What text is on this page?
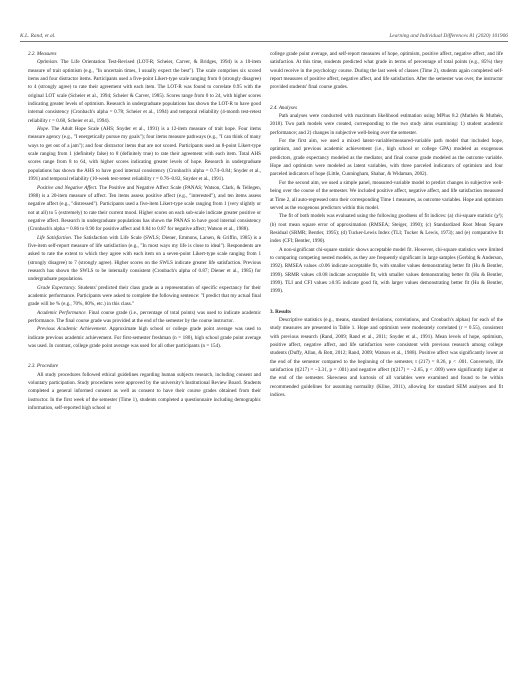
K.L. Rand, et al.	Learning and Individual Differences 81 (2020) 101906

2.2. Measures

Optimism. The Life Orientation Test-Revised (LOT-R; Scheier, Carver, & Bridges, 1994) is a 10-item measure of trait optimism (e.g., "In uncertain times, I usually expect the best"). The scale comprises six scored items and four distractor items. Participants used a five-point Likert-type scale ranging from 0 (strongly disagree) to 4 (strongly agree) to rate their agreement with each item. The LOT-R was found to correlate 0.95 with the original LOT scale (Scheier et al., 1994; Scheier & Carver, 1985). Scores range from 0 to 24, with higher scores indicating greater levels of optimism. Research in undergraduate populations has shown the LOT-R to have good internal consistency (Cronbach's alpha = 0.78; Scheier et al., 1994) and temporal reliability (4-month test-retest reliability r = 0.68, Scheier et al., 1994).

Hope. The Adult Hope Scale (AHS; Snyder et al., 1991) is a 12-item measure of trait hope. Four items measure agency (e.g., "I energetically pursue my goals"); four items measure pathways (e.g., "I can think of many ways to get out of a jam"); and four distractor items that are not scored. Participants used an 8-point Likert-type scale ranging from 1 (definitely false) to 8 (definitely true) to rate their agreement with each item. Total AHS scores range from 8 to 64, with higher scores indicating greater levels of hope. Research in undergraduate populations has shown the AHS to have good internal consistency (Cronbach's alpha = 0.74–0.84; Snyder et al., 1991) and temporal reliability (10-week test-retest reliability r = 0.76–0.82, Snyder et al., 1991).

Positive and Negative Affect. The Positive and Negative Affect Scale (PANAS; Watson, Clark, & Tellegen, 1988) is a 20-item measure of affect. Ten items assess positive affect (e.g., "interested"), and ten items assess negative affect (e.g., "distressed"). Participants used a five-item Likert-type scale ranging from 1 (very slightly or not at all) to 5 (extremely) to rate their current mood. Higher scores on each sub-scale indicate greater positive or negative affect. Research in undergraduate populations has shown the PANAS to have good internal consistency (Cronbach's alpha = 0.86 to 0.90 for positive affect and 0.84 to 0.87 for negative affect; Watson et al., 1988).

Life Satisfaction. The Satisfaction with Life Scale (SWLS; Diener, Emmons, Larsen, & Griffin, 1985) is a five-item self-report measure of life satisfaction (e.g., "In most ways my life is close to ideal"). Respondents are asked to rate the extent to which they agree with each item on a seven-point Likert-type scale ranging from 1 (strongly disagree) to 7 (strongly agree). Higher scores on the SWLS indicate greater life satisfaction. Previous research has shown the SWLS to be internally consistent (Cronbach's alpha of 0.87; Diener et al., 1985) for undergraduate populations.

Grade Expectancy. Students' predicted their class grade as a representation of specific expectancy for their academic performance. Participants were asked to complete the following sentence: "I predict that my actual final grade will be % (e.g., 70%, 80%, etc.) in this class."

Academic Performance. Final course grade (i.e., percentage of total points) was used to indicate academic performance. The final course grade was provided at the end of the semester by the course instructor.

Previous Academic Achievement. Approximate high school or college grade point average was used to indicate previous academic achievement. For first-semester freshman (n = 180), high school grade point average was used. In contrast, college grade point average was used for all other participants (n = 154).

2.3. Procedure

All study procedures followed ethical guidelines regarding human subjects research, including consent and voluntary participation. Study procedures were approved by the university's Institutional Review Board. Students completed a general informed consent as well as consent to have their course grades obtained from their instructor. In the first week of the semester (Time 1), students completed a questionnaire including demographic information, self-reported high school or

college grade point average, and self-report measures of hope, optimism, positive affect, negative affect, and life satisfaction. At this time, students predicted what grade in terms of percentage of total points (e.g., 85%) they would receive in the psychology course. During the last week of classes (Time 2), students again completed self-report measures of positive affect, negative affect, and life satisfaction. After the semester was over, the instructor provided students' final course grades.

2.4. Analyses

Path analyses were conducted with maximum likelihood estimation using MPlus 8.2 (Muthén & Muthén, 2018). Two path models were created, corresponding to the two study aims examining: 1) student academic performance; and 2) changes in subjective well-being over the semester.

For the first aim, we used a mixed latent-variable/measured-variable path model that included hope, optimism, and previous academic achievement (i.e., high school or college GPA) modeled as exogenous predictors, grade expectancy modeled as the mediator, and final course grade modeled as the outcome variable. Hope and optimism were modeled as latent variables, with three parceled indicators of optimism and four parceled indicators of hope (Little, Cunningham, Shahar, & Widaman, 2002).

For the second aim, we used a simple panel, measured-variable model to predict changes in subjective well-being over the course of the semester. We included positive affect, negative affect, and life satisfaction measured at Time 2, all auto-regressed onto their corresponding Time 1 measures, as outcome variables. Hope and optimism served as the exogenous predictors within this model.

The fit of both models was evaluated using the following goodness of fit indices: (a) chi-square statistic (χ²); (b) root mean square error of approximation (RMSEA; Steiger, 1990); (c) Standardized Root Mean Square Residual (SRMR; Bentler, 1995); (d) Tucker-Lewis Index (TLI; Tucker & Lewis, 1973); and (e) comparative fit index (CFI; Bentler, 1990).

A non-significant chi-square statistic shows acceptable model fit. However, chi-square statistics were limited to comparing competing nested models, as they are frequently significant in large samples (Gerbing & Anderson, 1992). RMSEA values ≤0.06 indicate acceptable fit, with smaller values demonstrating better fit (Hu & Bentler, 1999). SRMR values ≤0.08 indicate acceptable fit, with smaller values demonstrating better fit (Hu & Bentler, 1999). TLI and CFI values ≥0.95 indicate good fit, with larger values demonstrating better fit (Hu & Bentler, 1999).

3. Results

Descriptive statistics (e.g., means, standard deviations, correlations, and Cronbach's alphas) for each of the study measures are presented in Table 1. Hope and optimism were moderately correlated (r = 0.55), consistent with previous research (Rand, 2009; Rand et al., 2011; Snyder et al., 1991). Mean levels of hope, optimism, positive affect, negative affect, and life satisfaction were consistent with previous research among college students (Duffy, Allan, & Bott, 2012; Rand, 2009; Watson et al., 1988). Positive affect was significantly lower at the end of the semester compared to the beginning of the semester, t (217) = 8.26, p < .001. Conversely, life satisfaction (t(217) = −3.31, p = .001) and negative affect (t(217) = −2.65, p < .009) were significantly higher at the end of the semester. Skewness and kurtosis of all variables were examined and found to be within recommended guidelines for assuming normality (Kline, 2011), allowing for standard SEM analyses and fit indices.
